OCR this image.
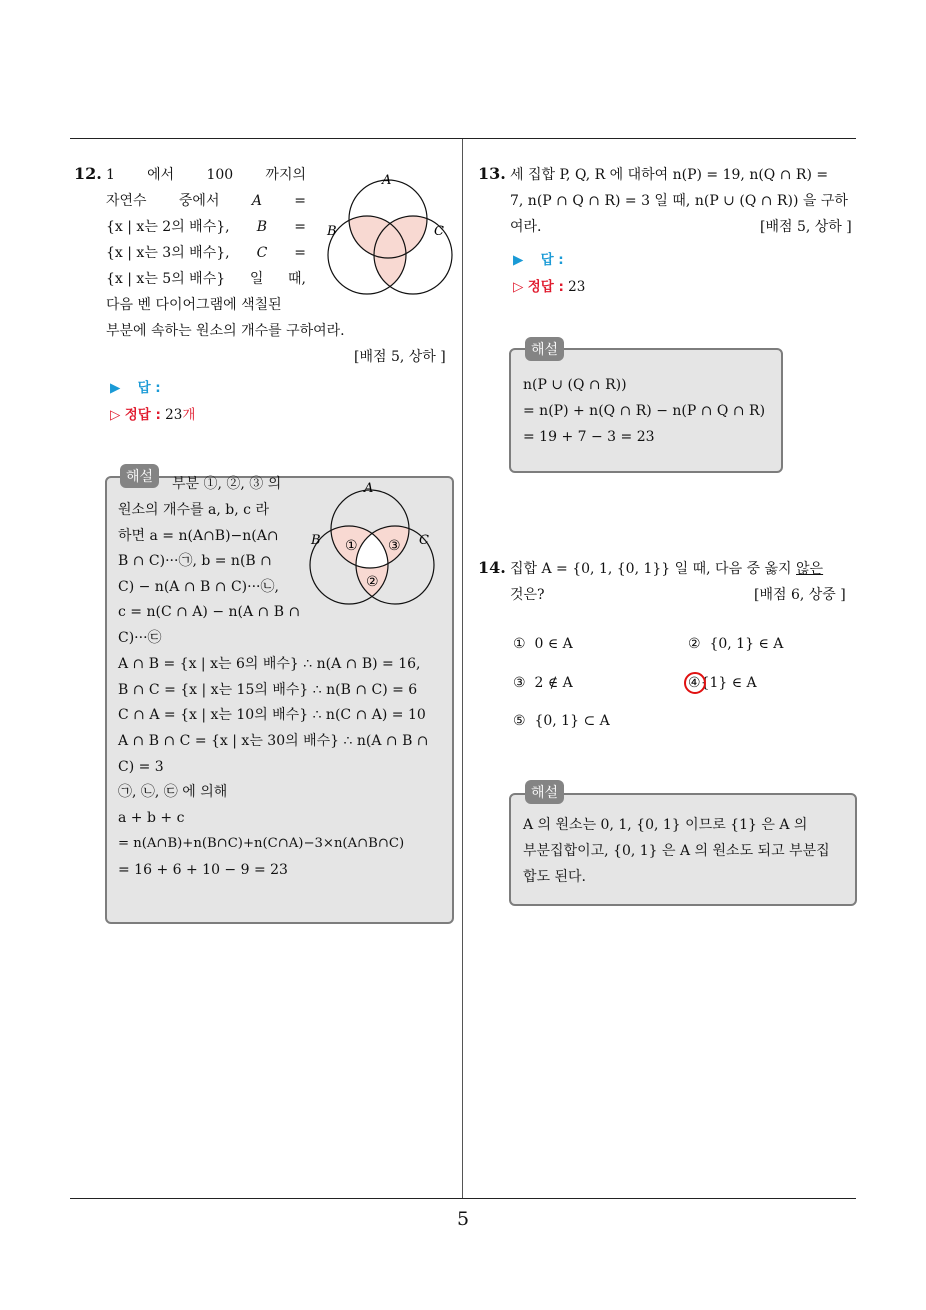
5
12. 1 에서 100 까지의
자연수 중에서 A =
{x | x는 2의 배수}, B =
{x | x는 3의 배수}, C =
{x | x는 5의 배수} 일 때,
다음 벤 다이어그램에 색칠된
부분에 속하는 원소의 개수를 구하여라.
[배점 5, 상하 ]
A
B	C
▶ 답 :
▷ 정답 : 23개
해설	부분 ①, ②, ③ 의
원소의 개수를 a, b, c 라
하면 a = n(A∩B)−n(A∩
B ∩ C)···㉠, b = n(B ∩
C) − n(A ∩ B ∩ C)···㉡,
c = n(C ∩ A) − n(A ∩ B ∩
C)···㉢
A ∩ B = {x | x는 6의 배수} ∴ n(A ∩ B) = 16,
B ∩ C = {x | x는 15의 배수} ∴ n(B ∩ C) = 6
C ∩ A = {x | x는 10의 배수} ∴ n(C ∩ A) = 10
A ∩ B ∩ C = {x | x는 30의 배수} ∴ n(A ∩ B ∩
C) = 3
㉠, ㉡, ㉢ 에 의해
a + b + c
= n(A∩B)+n(B∩C)+n(C∩A)−3×n(A∩B∩C)
= 16 + 6 + 10 − 9 = 23
A
B	C
① ③
②
13. 세 집합 P, Q, R 에 대하여 n(P) = 19, n(Q ∩ R) =
7, n(P ∩ Q ∩ R) = 3 일 때, n(P ∪ (Q ∩ R)) 을 구하
여라.	[배점 5, 상하 ]
▶ 답 :
▷ 정답 : 23
해설
n(P ∪ (Q ∩ R))
= n(P) + n(Q ∩ R) − n(P ∩ Q ∩ R)
= 19 + 7 − 3 = 23
14. 집합 A = {0, 1, {0, 1}} 일 때, 다음 중 옳지 않은
것은?	[배점 6, 상중 ]
① 0 ∈ A	② {0, 1} ∈ A
③ 2 ∉ A	④{1} ∈ A
⑤ {0, 1} ⊂ A
해설
A 의 원소는 0, 1, {0, 1} 이므로 {1} 은 A 의
부분집합이고, {0, 1} 은 A 의 원소도 되고 부분집
합도 된다.
